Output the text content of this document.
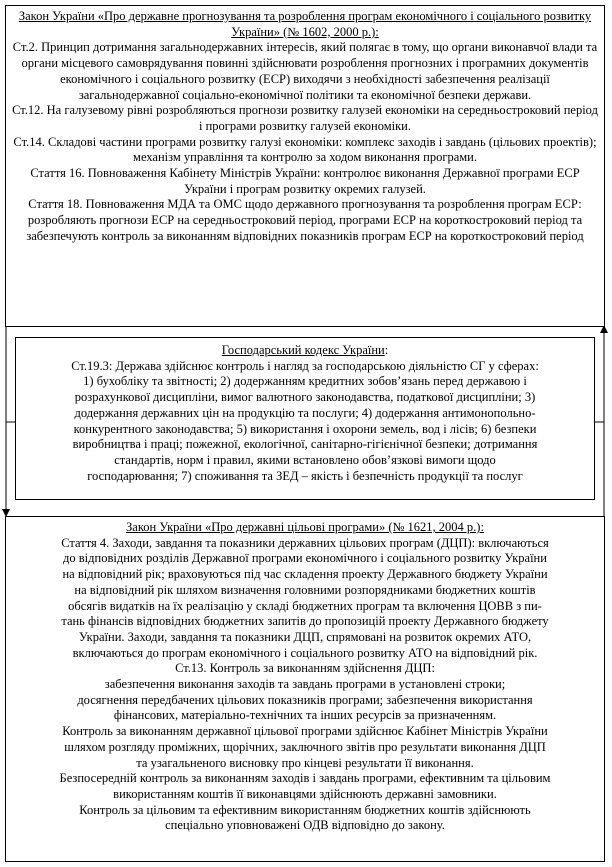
Закон України «Про державне прогнозування та розроблення програм економічного і соціального розвитку України» (№ 1602, 2000 р.):
Ст.2. Принцип дотримання загальнодержавних інтересів, який полягає в тому, що органи виконавчої влади та органи місцевого самоврядування повинні здійснювати розроблення прогнозних і програмних документів економічного і соціального розвитку (ЕСР) виходячи з необхідності забезпечення реалізації загальнодержавної соціально-економічної політики та економічної безпеки держави.
Ст.12. На галузевому рівні розробляються прогнози розвитку галузей економіки на середньостроковий період і програми розвитку галузей економіки.
Ст.14. Складові частини програми розвитку галузі економіки: комплекс заходів і завдань (цільових проектів); механізм управління та контролю за ходом виконання програми.
Стаття 16. Повноваження Кабінету Міністрів України: контролює виконання Державної програми ЕСР України і програм розвитку окремих галузей.
Стаття 18. Повноваження МДА та ОМС щодо державного прогнозування та розроблення програм ЕСР:
розробляють прогнози ЕСР на середньостроковий період, програми ЕСР на короткостроковий період та забезпечують контроль за виконанням відповідних показників програм ЕСР на короткостроковий період
Господарський кодекс України:
Ст.19.3: Держава здійснює контроль і нагляд за господарською діяльністю СГ у сферах:
1) бухобліку та звітності; 2) додержанням кредитних зобов’язань перед державою і
розрахункової дисципліни, вимог валютного законодавства, податкової дисципліни; 3)
додержання державних цін на продукцію та послуги; 4) додержання антимонопольно-
конкурентного законодавства; 5) використання і охорони земель, вод і лісів; 6) безпеки
виробництва і праці; пожежної, екологічної, санітарно-гігієнічної безпеки; дотримання
стандартів, норм і правил, якими встановлено обов’язкові вимоги щодо
господарювання; 7) споживання та ЗЕД – якість і безпечність продукції та послуг
Закон України «Про державні цільові програми» (№ 1621, 2004 р.):
Стаття 4. Заходи, завдання та показники державних цільових програм (ДЦП): включаються
до відповідних розділів Державної програми економічного і соціального розвитку України
на відповідний рік; враховуються під час складення проекту Державного бюджету України
на відповідний рік шляхом визначення головними розпорядниками бюджетних коштів
обсягів видатків на їх реалізацію у складі бюджетних програм та включення ЦОВВ з пи-
тань фінансів відповідних бюджетних запитів до пропозицій проекту Державного бюджету
України. Заходи, завдання та показники ДЦП, спрямовані на розвиток окремих АТО,
включаються до програм економічного і соціального розвитку АТО на відповідний рік.
Ст.13. Контроль за виконанням здійснення ДЦП:
забезпечення виконання заходів та завдань програми в установлені строки;
досягнення передбачених цільових показників програми; забезпечення використання
фінансових, матеріально-технічних та інших ресурсів за призначенням.
Контроль за виконанням державної цільової програми здійснює Кабінет Міністрів України
шляхом розгляду проміжних, щорічних, заключного звітів про результати виконання ДЦП
та узагальненого висновку про кінцеві результати її виконання.
Безпосередній контроль за виконанням заходів і завдань програми, ефективним та цільовим
використанням коштів її виконавцями здійснюють державні замовники.
Контроль за цільовим та ефективним використанням бюджетних коштів здійснюють
спеціально уповноважені ОДВ відповідно до закону.
